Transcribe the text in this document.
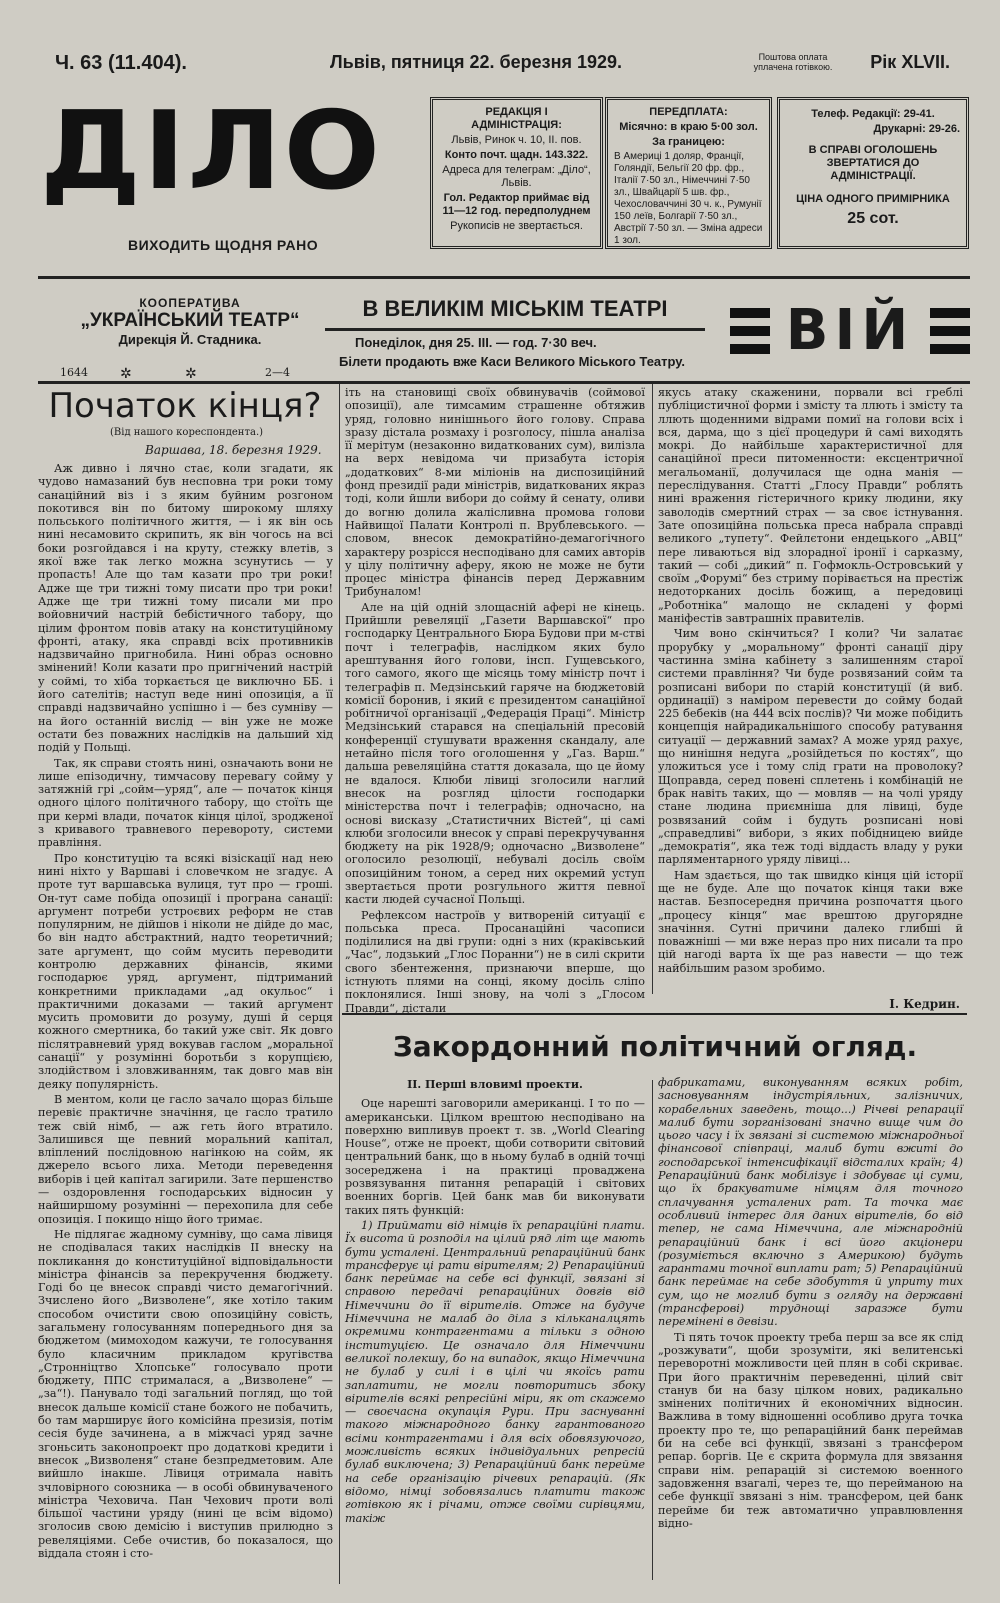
Ч. 63 (11.404).	Львів, пятниця 22. березня 1929.	Поштова оплата уплачена готівкою.	Рік XLVII.
ДІЛО
ВИХОДИТЬ ЩОДНЯ РАНО
РЕДАКЦІЯ І АДМІНІСТРАЦІЯ:

Львів, Ринок ч. 10, II. пов.

Конто почт. щадн. 143.322.

Адреса для телеграм: „Діло“, Львів.

Гол. Редактор приймає від 11—12 год. передполуднем

Рукописів не звертається.

ПЕРЕДПЛАТА:

Місячно: в краю 5·00 зол.

За границею:

В Америці 1 доляр, Франції, Голяндії, Бельгії 20 фр. фр., Італії 7·50 зл., Німеччині 7·50 зл., Швайцарії 5 шв. фр., Чехословаччині 30 ч. к., Румунії 150 леїв, Болгарії 7·50 зл., Австрії 7·50 зл. — Зміна адреси 1 зол.

Телеф. Редакції: 29-41.

Друкарні: 29-26.

В СПРАВІ ОГОЛОШЕНЬ ЗВЕРТАТИСЯ ДО АДМІНІСТРАЦІЇ.

ЦІНА ОДНОГО ПРИМІРНИКА

25 сот.

КООПЕРАТИВА
„УКРАЇНСЬКИЙ ТЕАТР“
Дирекція Й. Стадника.
1644 ✲	✲	2—4
В ВЕЛИКІМ МІСЬКІМ ТЕАТРІ
Понеділок, дня 25. III. — год. 7·30 веч.
Білети продають вже Каси Великого Міського Театру.	ВІЙ
Початок кінця?
(Від нашого кореспондента.)
Варшава, 18. березня 1929.

Аж дивно і лячно стає, коли згадати, як чудово намазаний був несповна три роки тому санаційний віз і з яким буйним розгоном покотився він по битому широкому шляху польського політичного життя, — і як він ось нині несамовито скрипить, як він чогось на всі боки розгойдався і на круту, стежку влетів, з якої вже так легко можна зсунутись — у пропасть! Але що там казати про три роки! Адже ще три тижні тому писати про три роки! Адже ще три тижні тому писали ми про войовничий настрій бебістичного табору, що цілим фронтом повів атаку на конституційному фронті, атаку, яка справді всіх противників надзвичайно пригнобила. Нині образ основно змінений! Коли казати про пригнічений настрій у соймі, то хіба торкається це виключно ББ. і його сателітів; наступ веде нині опозиція, а її справді надзвичайно успішно і — без сумніву — на його останній вислід — він уже не може остати без поважних наслідків на дальший хід подій у Польщі.

Так, як справи стоять нині, означають вони не лише епізодичну, тимчасову перевагу сойму у затяжній грі „сойм—уряд“, але — початок кінця одного цілого політичного табору, що стоїть ще при кермі влади, початок кінця цілої, зродженої з кривавого травневого перевороту, системи правління.

Про конституцію та всякі візіскації над нею нині ніхто у Варшаві і словечком не згадує. А проте тут варшавська вулиця, тут про — гроші. Он-тут саме побіда опозиції і програна санації: аргумент потреби устроєвих реформ не став популярним, не дійшов і ніколи не дійде до мас, бо він надто абстрактний, надто теоретичний; зате аргумент, що сойм мусить переводити контролю державних фінансів, якими господарює уряд, аргумент, підтриманий конкретними прикладами „ад окульос“ і практичними доказами — такий аргумент мусить промовити до розуму, душі й серця кожного смертника, бо такий уже світ. Як довго післятравневий уряд вокував гаслом „моральної санації“ у розумінні боротьби з корупцією, злодійством і зловживанням, так довго мав він деяку популярність.

В ментом, коли це гасло зачало щораз більше перевіє практичне значіння, це гасло тратило теж свій німб, — аж геть його втратило. Залишився ще певний моральний капітал, вліплений послідовною нагінкою на сойм, як джерело всього лиха. Методи переведення виборів і цей капітал загирили. Зате першенство — оздоровлення господарських відносин у найширшому розумінні — перехопила для себе опозиція. І покищо ніщо його тримає.

Не підлягає жадному сумніву, що сама лівиця не сподівалася таких наслідків II внеску на покликання до конституційної відповідальности міністра фінансів за перекручення бюджету. Годі бо це внесок справді чисто демагогічний. Зчислено його „Визволене“, яке хотіло таким способом очистити свою опозиційну совість, загальмену голосуванням попереднього дня за бюджетом (мимоходом кажучи, те голосування було класичним прикладом кругівства „Стронніцтво Хлопське“ голосувало проти бюджету, ППС стрималася, а „Визволене“ — „за“!). Панувало тоді загальний погляд, що той внесок дальше комісії стане божого не побачить, бо там марширує його комісійна презизія, потім сесія буде зачинена, а в міжчасі уряд зачне згоньсить законопроект про додаткові кредити і внесок „Визволеня“ стане безпредметовим. Але вийшло інакше. Лівиця отримала навіть зчловірного союзника — в особі обвинуваченого міністра Чеховича. Пан Чехович проти волі більшої частини уряду (нині це всім відомо) зголосив свою демісію і виступив прилюдно з ревеляціями. Себе очистив, бо показалося, що віддала стоян і сто-

іть на становищі своїх обвинувачів (соймової опозиції), але тимсамим страшенне обтяжив уряд, головно нинішнього його голову. Справа зразу дістала розмаху і розголосу, пішла аналіза її мерітум (незаконно видаткованих сум), вилізла на верх невідома чи призабута історія „додаткових“ 8-ми міліонів на диспозиційний фонд президії ради міністрів, видаткованих якраз тоді, коли йшли вибори до сойму й сенату, оливи до вогню долила жалісливна промова голови Найвищої Палати Контролі п. Врублевського. — словом, внесок демократійно-демагогічного характеру розрісся несподівано для самих авторів у цілу політичну аферу, якою не може не бути процес міністра фінансів перед Державним Трибуналом!

Але на цій одній злощасній афері не кінець. Прийшли ревеляції „Газети Варшавскої“ про господарку Центрального Бюра Будови при м-стві почт і телеграфів, наслідком яких було арештування його голови, інсп. Гущевського, того самого, якого ще місяць тому міністр почт і телеграфів п. Медзінський гаряче на бюджетовій комісії боронив, і який є президентом санаційної робітничої організації „Федерація Праці“. Міністр Медзінський старався на спеціальній пресовій конференції стушувати враження скандалу, але нетайно після того оголошення у „Газ. Варш.“ дальша ревеляційна стаття доказала, що це йому не вдалося. Клюби лівиці зголосили наглий внесок на розгляд цілости господарки міністерства почт і телеграфів; одночасно, на основі висказу „Статистичних Вістей“, ці самі клюби зголосили внесок у справі перекручування бюджету на рік 1928/9; одночасно „Визволене“ оголосило резолюції, небувалі досіль своїм опозиційним тоном, а серед них окремий уступ звертається проти розгульного життя певної касти людей сучасної Польщі.

Рефлексом настроїв у витвореній ситуації є польська преса. Просанаційні часописи поділилися на дві групи: одні з них (краківський „Час“, лодзький „Глос Поранни“) не в силі скрити свого збентеження, признаючи вперше, що істнують плями на сонці, якому досіль сліпо поклонялися. Інші знову, на чолі з „Глосом Правди“, дістали

якусь атаку скаженини, порвали всі греблі публіцистичної форми і змісту та ллють і змісту та ллють щоденними відрами помиї на голови всіх і вся, дарма, що з цієї процедури й самі виходять мокрі. До найбільше характеристичної для санаційної преси питоменности: ексцентричної мегальоманії, долучилася ще одна манія — переслідування. Статті „Глосу Правди“ роблять нині враження гістеричного крику людини, яку заволодів смертний страх — за своє істнування. Зате опозиційна польська преса набрала справді великого „тупету“. Фейлєтони ендецького „АВЦ“ пере ливаються від злорадної іронії і сарказму, такий — собі „дикий“ п. Гофмокль-Островський у своїм „Форумі“ без стриму порівається на престіж недоторканих досіль божищ, а передовиці „Роботніка“ малощо не складені у формі маніфестів завтрашніх правителів.

Чим воно скінчиться? І коли? Чи залатає прорубку у „моральному“ фронті санації діру частинна зміна кабінету з залишенням старої системи правління? Чи буде розвязаний сойм та розписані вибори по старій конституції (й виб. ординації) з наміром перевести до сойму бодай 225 бебеків (на 444 всіх послів)? Чи може побідить концепція найрадикальнішого способу ратування ситуації — державний замах? А може уряд рахує, що нинішня недуга „розійдеться по костях“, що уложиться усе і тому слід грати на проволоку? Щоправда, серед повені сплетень і комбінацій не брак навіть таких, що — мовляв — на чолі уряду стане людина приємніша для лівиці, буде розвязаний сойм і будуть розписані нові „справедливі“ вибори, з яких побідницею вийде „демократія“, яка теж тоді віддасть владу у руки парляментарного уряду лівиці...

Нам здається, що так швидко кінця цій історії ще не буде. Але що початок кінця таки вже настав. Безпосередня причина розпочаття цього „процесу кінця“ має врештою другорядне значіння. Сутні причини далеко глибші й поважніші — ми вже нераз про них писали та про цій нагоді варта їх ще раз навести — що теж найбільшим разом зробимо.

І. Кедрин.
Закордонний політичний огляд.
II. Перші вловимі проекти.

Оце нарешті заговорили американці. І то по — американськи. Цілком врештою несподівано на поверхню випливув проект т. зв. „World Clearing House“, отже не проект, щоби сотворити світовий центральний банк, що в ньому булаб в одній точці зосереджена і на практиці проваджена розвязування питання репарацій і світових военних боргів. Цей банк мав би виконувати таких пять функцій:

1) Приймати від німців їх репараційні плати. Їх висота й розподіл на цілий ряд літ ще мають бути усталені. Центральний репараційний банк трансферує ці рати вірителям; 2) Репараційний банк переймає на себе всі функції, звязані зі справою передачі репараційних довгів від Німеччини до її вірителів. Отже на будуче Німеччина не малаб до діла з кільканалцять окремими контрагентами а тільки з одною інституцією. Це означало для Німеччини великої полекшу, бо на випадок, якщо Німеччина не булаб у силі і в цілі чи якоїсь рати заплатити, не могли повторитись збоку вірителів всякі репресійні міри, як от скажемо — своєчасна окупація Рури. При заснуванні такого міжнародного банку гарантованого всіми контрагентами і для всіх обовязуючого, можливість всяких індивідуальних репресій булаб виключена; 3) Репараційний банк перейме на себе організацію річевих репарацій. (Як відомо, німці зобовязались платити також готівкою як і річами, отже своїми сирівцями, такіж

фабрикатами, виконуванням всяких робіт, засновуванням індустріяльних, залізничих, корабельних заведень, тощо...) Річеві репарації малиб бути зорганізовані значно вище чим до цього часу і їх звязані зі системою міжнародньої фінансової співпраці, малиб бути вжиті до господарської інтенсифікації відсталих країн; 4) Репараційний банк мобілізує і здобуває ці суми, що їх бракуватиме німцям для точного сплачування усталених рат. Та точка має особливий інтерес для даних вірителів, бо від тепер, не сама Німеччина, але міжнародній репараційний банк і всі його акціонери (розуміється включно з Америкою) будуть гарантами точної виплати рат; 5) Репараційний банк переймає на себе здобуття й уприту тих сум, що не моглиб бути з огляду на державні (трансферові) труднощі заразже бути перемінені в девізи.

Ті пять точок проекту треба перш за все як слід „розжувати“, щоби зрозуміти, які велитенські переворотні можливости цей плян в собі скриває. При його практичнім переведенні, цілий світ станув би на базу цілком нових, радикально змінених політичних й економічних відносин. Важлива в тому відношенні особливо друга точка проекту про те, що репараційний банк переймав би на себе всі функції, звязані з трансфером репар. боргів. Це є скрита формула для звязання справи нім. репарацій зі системою военного задовження взагалі, через те, що перейманою на себе функції звязані з нім. трансфером, цей банк перейме би теж автоматично управлювлення відно-
